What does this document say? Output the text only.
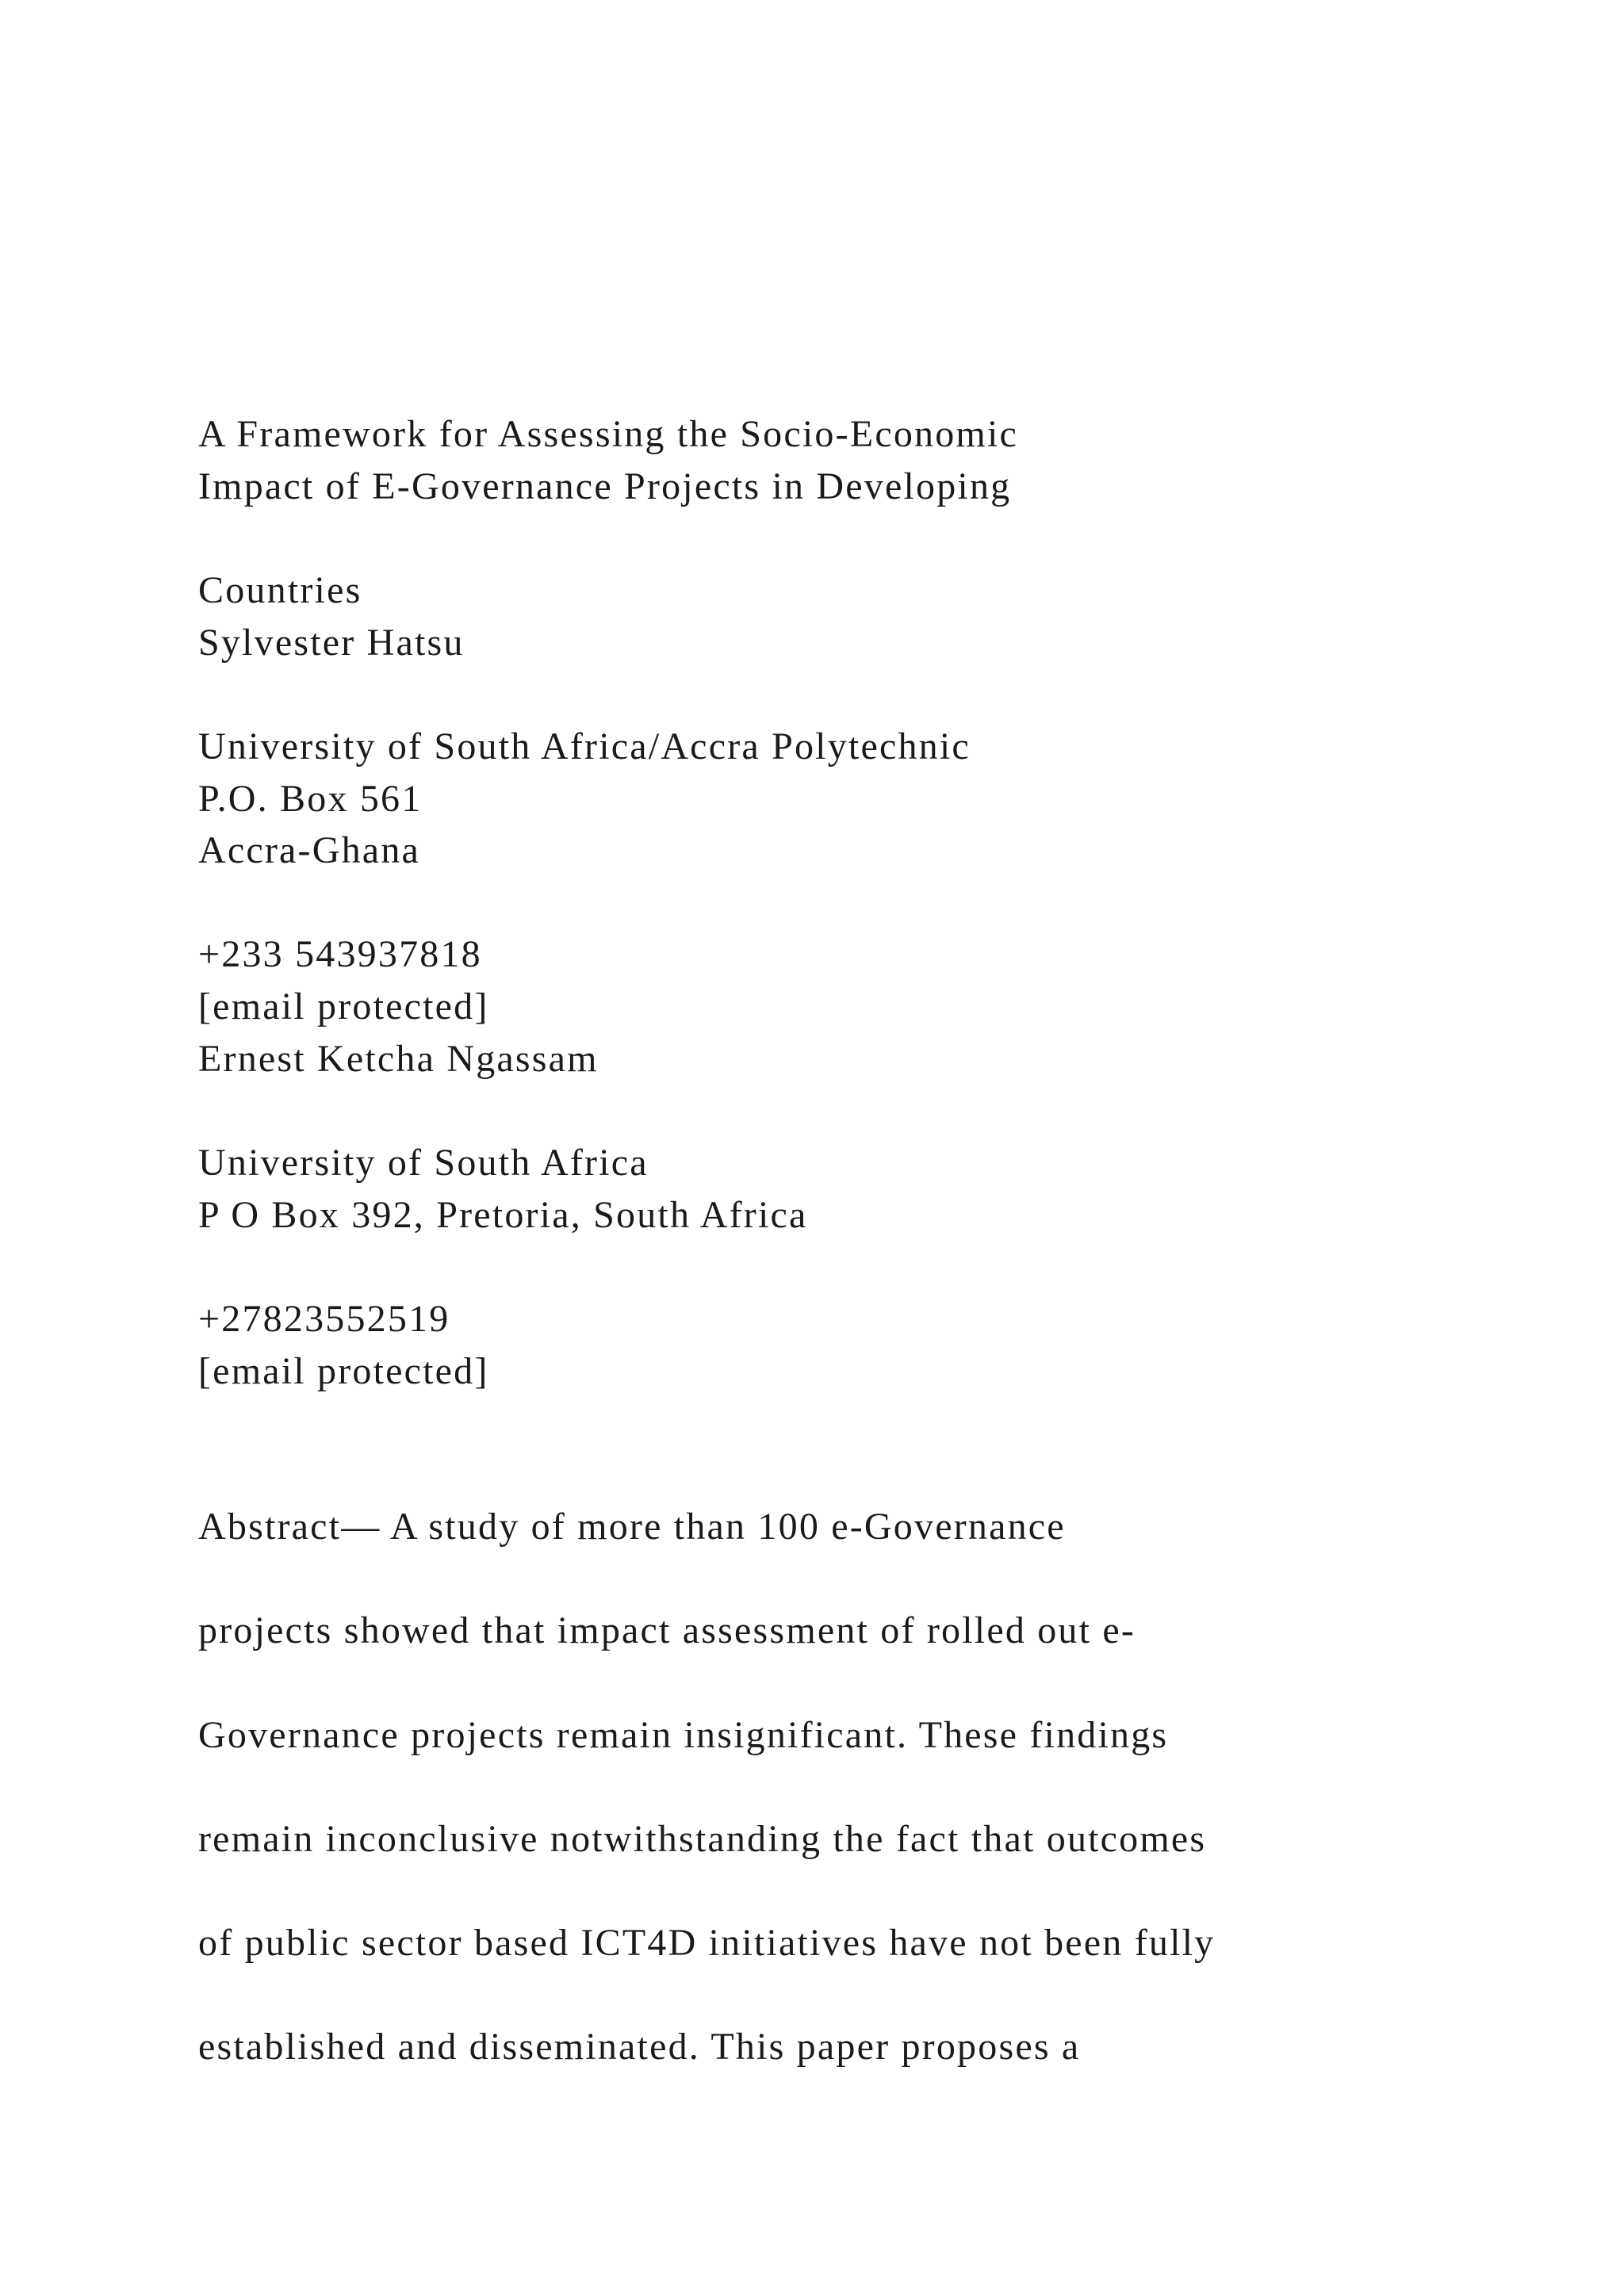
A Framework for Assessing the Socio-Economic
Impact of E-Governance Projects in Developing
Countries
Sylvester Hatsu
University of South Africa/Accra Polytechnic
P.O. Box 561
Accra-Ghana
+233 543937818
[email protected]
Ernest Ketcha Ngassam
University of South Africa
P O Box 392, Pretoria, South Africa
+27823552519
[email protected]
Abstract— A study of more than 100 e-Governance
projects showed that impact assessment of rolled out e-
Governance projects remain insignificant. These findings
remain inconclusive notwithstanding the fact that outcomes
of public sector based ICT4D initiatives have not been fully
established and disseminated. This paper proposes a
